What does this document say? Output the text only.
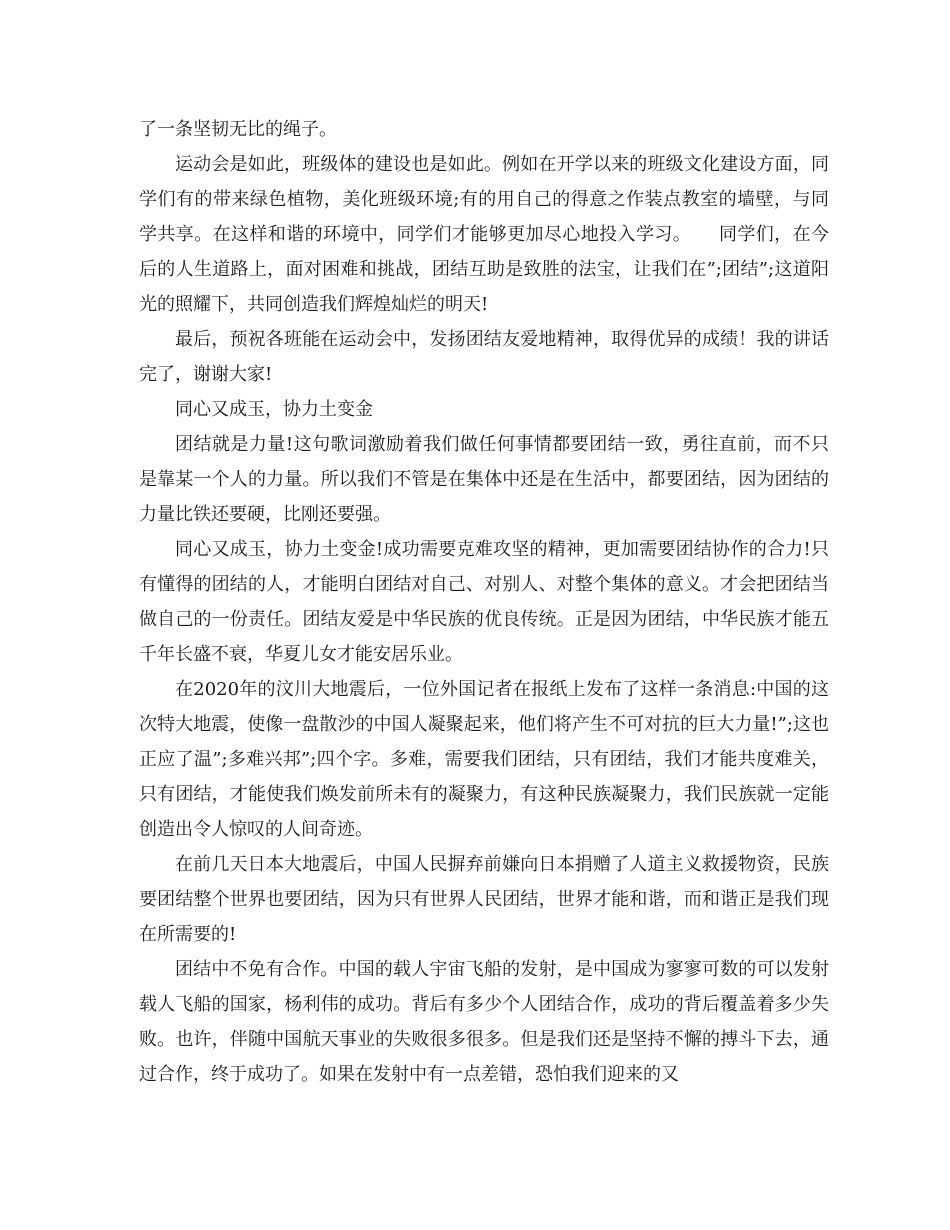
了一条坚韧无比的绳子。

运动会是如此，班级体的建设也是如此。例如在开学以来的班级文化建设方面，同学们有的带来绿色植物，美化班级环境;有的用自己的得意之作装点教室的墙壁，与同学共享。在这样和谐的环境中，同学们才能够更加尽心地投入学习。　　同学们，在今后的人生道路上，面对困难和挑战，团结互助是致胜的法宝，让我们在”;团结”;这道阳光的照耀下，共同创造我们辉煌灿烂的明天!

最后，预祝各班能在运动会中，发扬团结友爱地精神，取得优异的成绩！我的讲话完了，谢谢大家!

同心又成玉，协力土变金

团结就是力量!这句歌词激励着我们做任何事情都要团结一致，勇往直前，而不只是靠某一个人的力量。所以我们不管是在集体中还是在生活中，都要团结，因为团结的力量比铁还要硬，比刚还要强。

同心又成玉，协力土变金!成功需要克难攻坚的精神，更加需要团结协作的合力!只有懂得的团结的人，才能明白团结对自己、对别人、对整个集体的意义。才会把团结当做自己的一份责任。团结友爱是中华民族的优良传统。正是因为团结，中华民族才能五千年长盛不衰，华夏儿女才能安居乐业。

在2020年的汶川大地震后，一位外国记者在报纸上发布了这样一条消息:中国的这次特大地震，使像一盘散沙的中国人凝聚起来，他们将产生不可对抗的巨大力量!”;这也正应了温”;多难兴邦”;四个字。多难，需要我们团结，只有团结，我们才能共度难关，只有团结，才能使我们焕发前所未有的凝聚力，有这种民族凝聚力，我们民族就一定能创造出令人惊叹的人间奇迹。

在前几天日本大地震后，中国人民摒弃前嫌向日本捐赠了人道主义救援物资，民族要团结整个世界也要团结，因为只有世界人民团结，世界才能和谐，而和谐正是我们现在所需要的!

团结中不免有合作。中国的载人宇宙飞船的发射，是中国成为寥寥可数的可以发射载人飞船的国家，杨利伟的成功。背后有多少个人团结合作，成功的背后覆盖着多少失败。也许，伴随中国航天事业的失败很多很多。但是我们还是坚持不懈的搏斗下去，通过合作，终于成功了。如果在发射中有一点差错，恐怕我们迎来的又
